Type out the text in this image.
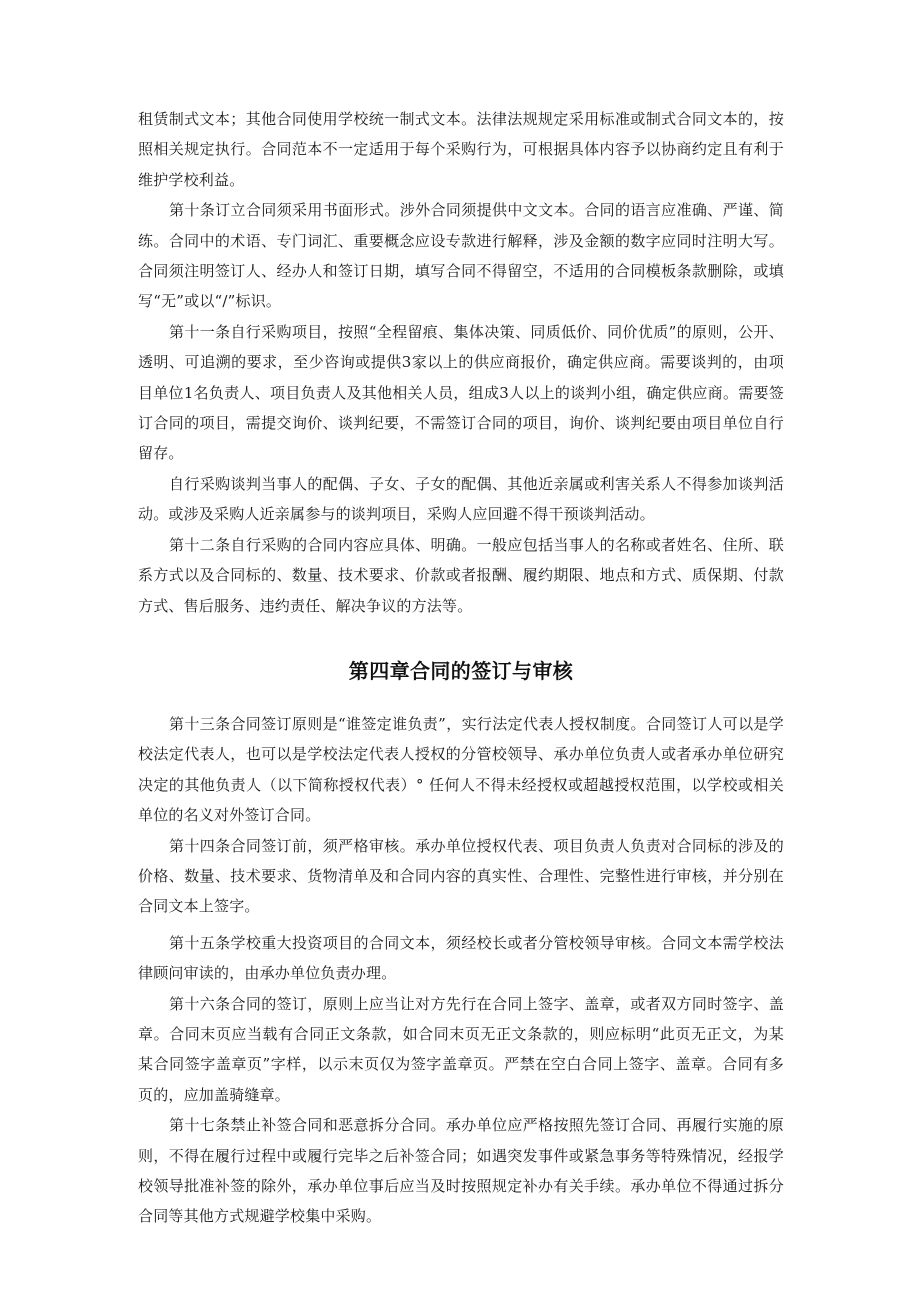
租赁制式文本；其他合同使用学校统一制式文本。法律法规规定采用标准或制式合同文本的，按照相关规定执行。合同范本不一定适用于每个采购行为，可根据具体内容予以协商约定且有利于维护学校利益。

第十条订立合同须采用书面形式。涉外合同须提供中文文本。合同的语言应准确、严谨、简练。合同中的术语、专门词汇、重要概念应设专款进行解释，涉及金额的数字应同时注明大写。合同须注明签订人、经办人和签订日期，填写合同不得留空，不适用的合同模板条款删除，或填写“无”或以“/”标识。

第十一条自行采购项目，按照“全程留痕、集体决策、同质低价、同价优质”的原则，公开、透明、可追溯的要求，至少咨询或提供3家以上的供应商报价，确定供应商。需要谈判的，由项目单位1名负责人、项目负责人及其他相关人员，组成3人以上的谈判小组，确定供应商。需要签订合同的项目，需提交询价、谈判纪要，不需签订合同的项目，询价、谈判纪要由项目单位自行留存。

自行采购谈判当事人的配偶、子女、子女的配偶、其他近亲属或利害关系人不得参加谈判活动。或涉及采购人近亲属参与的谈判项目，采购人应回避不得干预谈判活动。

第十二条自行采购的合同内容应具体、明确。一般应包括当事人的名称或者姓名、住所、联系方式以及合同标的、数量、技术要求、价款或者报酬、履约期限、地点和方式、质保期、付款方式、售后服务、违约责任、解决争议的方法等。

第四章合同的签订与审核

第十三条合同签订原则是“谁签定谁负责”，实行法定代表人授权制度。合同签订人可以是学校法定代表人，也可以是学校法定代表人授权的分管校领导、承办单位负责人或者承办单位研究决定的其他负责人（以下简称授权代表）° 任何人不得未经授权或超越授权范围，以学校或相关单位的名义对外签订合同。

第十四条合同签订前，须严格审核。承办单位授权代表、项目负责人负责对合同标的涉及的价格、数量、技术要求、货物清单及和合同内容的真实性、合理性、完整性进行审核，并分别在合同文本上签字。

第十五条学校重大投资项目的合同文本，须经校长或者分管校领导审核。合同文本需学校法律顾问审读的，由承办单位负责办理。

第十六条合同的签订，原则上应当让对方先行在合同上签字、盖章，或者双方同时签字、盖章。合同末页应当载有合同正文条款，如合同末页无正文条款的，则应标明“此页无正文，为某某合同签字盖章页”字样，以示末页仅为签字盖章页。严禁在空白合同上签字、盖章。合同有多页的，应加盖骑缝章。

第十七条禁止补签合同和恶意拆分合同。承办单位应严格按照先签订合同、再履行实施的原则，不得在履行过程中或履行完毕之后补签合同；如遇突发事件或紧急事务等特殊情况，经报学校领导批准补签的除外，承办单位事后应当及时按照规定补办有关手续。承办单位不得通过拆分合同等其他方式规避学校集中采购。
